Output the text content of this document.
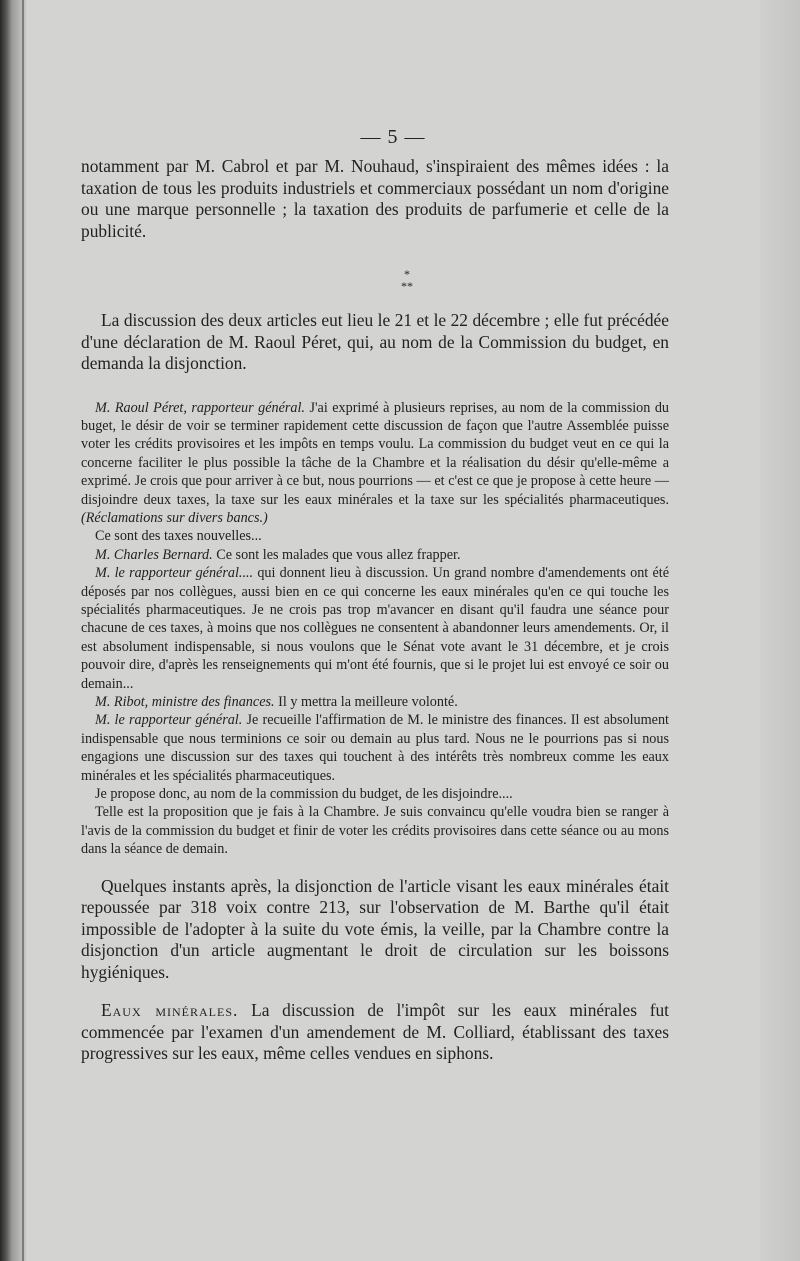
— 5 —

notamment par M. Cabrol et par M. Nouhaud, s'inspiraient des mêmes idées : la taxation de tous les produits industriels et commerciaux possédant un nom d'origine ou une marque personnelle ; la taxation des produits de parfumerie et celle de la publicité.

*
**

La discussion des deux articles eut lieu le 21 et le 22 décembre ; elle fut précédée d'une déclaration de M. Raoul Péret, qui, au nom de la Commission du budget, en demanda la disjonction.

M. Raoul Péret, rapporteur général. J'ai exprimé à plusieurs reprises, au nom de la commission du buget, le désir de voir se terminer rapidement cette discussion de façon que l'autre Assemblée puisse voter les crédits provisoires et les impôts en temps voulu. La commission du budget veut en ce qui la concerne faciliter le plus possible la tâche de la Chambre et la réalisation du désir qu'elle-même a exprimé. Je crois que pour arriver à ce but, nous pourrions — et c'est ce que je propose à cette heure — disjoindre deux taxes, la taxe sur les eaux minérales et la taxe sur les spécialités pharmaceutiques. (Réclamations sur divers bancs.)

Ce sont des taxes nouvelles...

M. Charles Bernard. Ce sont les malades que vous allez frapper.

M. le rapporteur général.... qui donnent lieu à discussion. Un grand nombre d'amendements ont été déposés par nos collègues, aussi bien en ce qui concerne les eaux minérales qu'en ce qui touche les spécialités pharmaceutiques. Je ne crois pas trop m'avancer en disant qu'il faudra une séance pour chacune de ces taxes, à moins que nos collègues ne consentent à abandonner leurs amendements. Or, il est absolument indispensable, si nous voulons que le Sénat vote avant le 31 décembre, et je crois pouvoir dire, d'après les renseignements qui m'ont été fournis, que si le projet lui est envoyé ce soir ou demain...

M. Ribot, ministre des finances. Il y mettra la meilleure volonté.

M. le rapporteur général. Je recueille l'affirmation de M. le ministre des finances. Il est absolument indispensable que nous terminions ce soir ou demain au plus tard. Nous ne le pourrions pas si nous engagions une discussion sur des taxes qui touchent à des intérêts très nombreux comme les eaux minérales et les spécialités pharmaceutiques.

Je propose donc, au nom de la commission du budget, de les disjoindre....

Telle est la proposition que je fais à la Chambre. Je suis convaincu qu'elle voudra bien se ranger à l'avis de la commission du budget et finir de voter les crédits provisoires dans cette séance ou au mons dans la séance de demain.

Quelques instants après, la disjonction de l'article visant les eaux minérales était repoussée par 318 voix contre 213, sur l'observation de M. Barthe qu'il était impossible de l'adopter à la suite du vote émis, la veille, par la Chambre contre la disjonction d'un article augmentant le droit de circulation sur les boissons hygiéniques.

Eaux minérales. La discussion de l'impôt sur les eaux minérales fut commencée par l'examen d'un amendement de M. Colliard, établissant des taxes progressives sur les eaux, même celles vendues en siphons.
